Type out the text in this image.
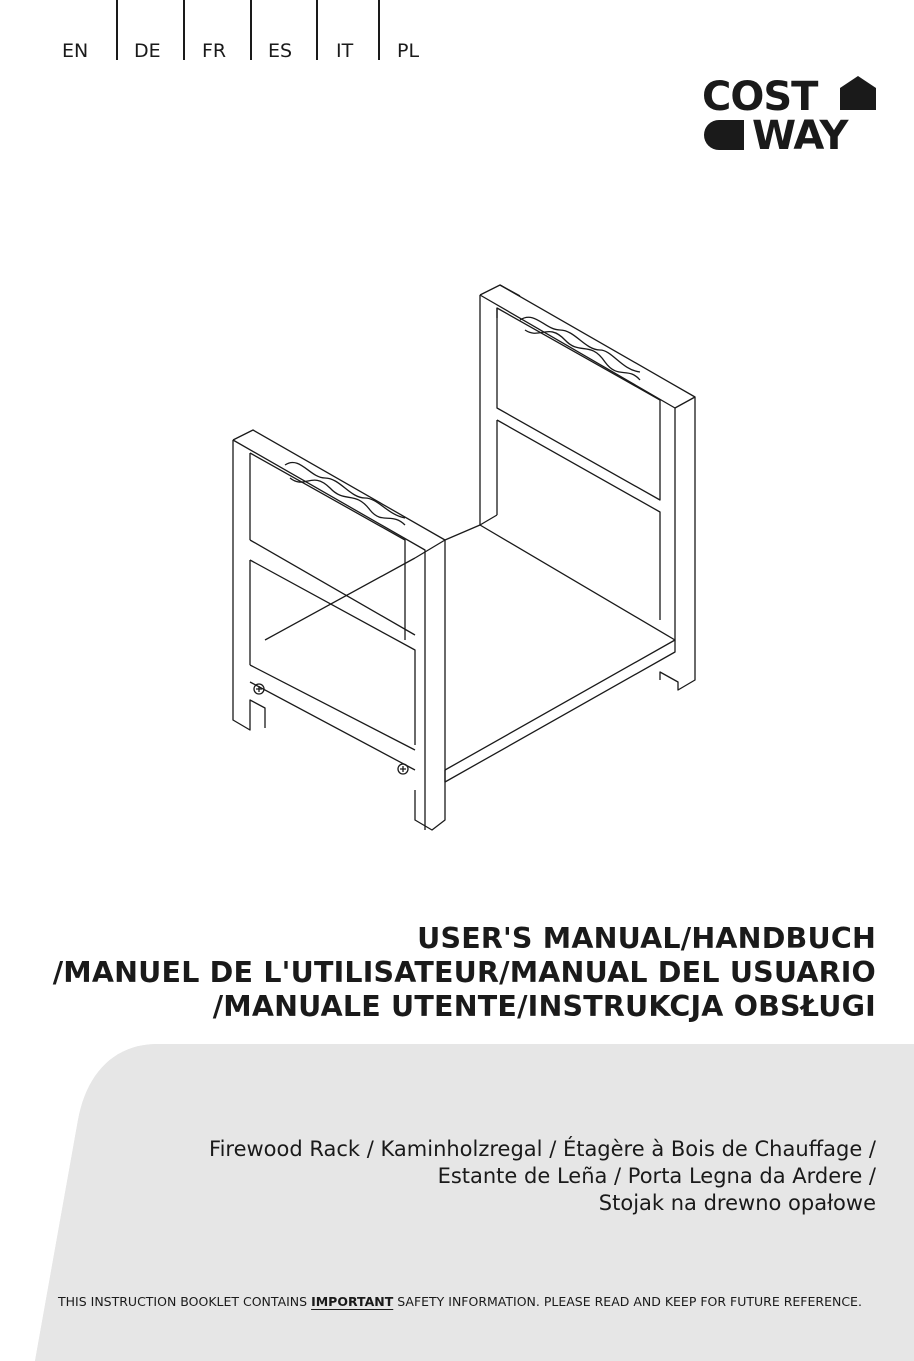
EN DE FR ES IT PL
COST
WAY
USER'S MANUAL/HANDBUCH
/MANUEL DE L'UTILISATEUR/MANUAL DEL USUARIO
/MANUALE UTENTE/INSTRUKCJA OBSŁUGI
Firewood Rack / Kaminholzregal / Étagère à Bois de Chauffage /
Estante de Leña / Porta Legna da Ardere /
Stojak na drewno opałowe
THIS INSTRUCTION BOOKLET CONTAINS IMPORTANT SAFETY INFORMATION. PLEASE READ AND KEEP FOR FUTURE REFERENCE.
